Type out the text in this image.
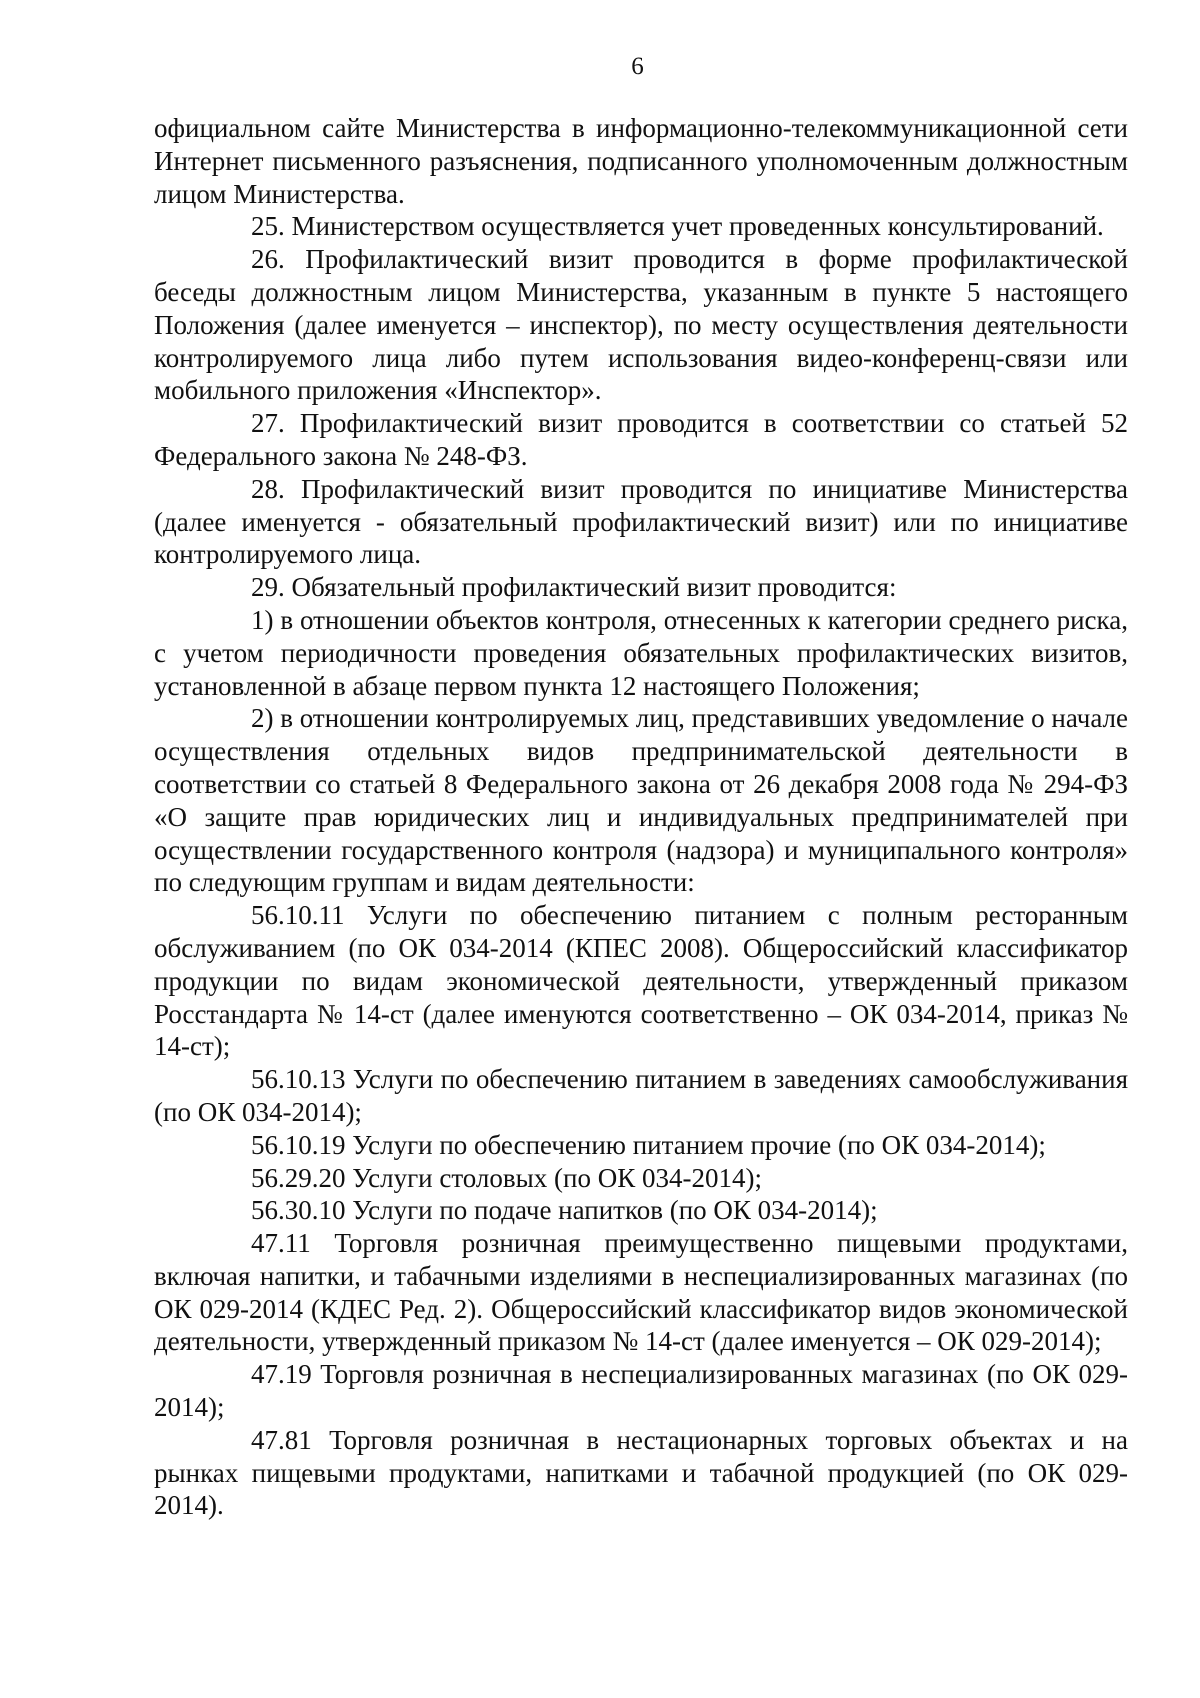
6

официальном сайте Министерства в информационно-телекоммуникационной сети Интернет письменного разъяснения, подписанного уполномоченным должностным лицом Министерства.

25. Министерством осуществляется учет проведенных консультирований.

26. Профилактический визит проводится в форме профилактической беседы должностным лицом Министерства, указанным в пункте 5 настоящего Положения (далее именуется – инспектор), по месту осуществления деятельности контролируемого лица либо путем использования видео-конференц-связи или мобильного приложения «Инспектор».

27. Профилактический визит проводится в соответствии со статьей 52 Федерального закона № 248-ФЗ.

28. Профилактический визит проводится по инициативе Министерства (далее именуется - обязательный профилактический визит) или по инициативе контролируемого лица.

29. Обязательный профилактический визит проводится:

1) в отношении объектов контроля, отнесенных к категории среднего риска, с учетом периодичности проведения обязательных профилактических визитов, установленной в абзаце первом пункта 12 настоящего Положения;

2) в отношении контролируемых лиц, представивших уведомление о начале осуществления отдельных видов предпринимательской деятельности в соответствии со статьей 8 Федерального закона от 26 декабря 2008 года № 294-ФЗ «О защите прав юридических лиц и индивидуальных предпринимателей при осуществлении государственного контроля (надзора) и муниципального контроля» по следующим группам и видам деятельности:

56.10.11 Услуги по обеспечению питанием с полным ресторанным обслуживанием (по ОК 034-2014 (КПЕС 2008). Общероссийский классификатор продукции по видам экономической деятельности, утвержденный приказом Росстандарта № 14-ст (далее именуются соответственно – ОК 034-2014, приказ № 14-ст);

56.10.13 Услуги по обеспечению питанием в заведениях самообслуживания (по ОК 034-2014);

56.10.19 Услуги по обеспечению питанием прочие (по ОК 034-2014);

56.29.20 Услуги столовых (по ОК 034-2014);

56.30.10 Услуги по подаче напитков (по ОК 034-2014);

47.11 Торговля розничная преимущественно пищевыми продуктами, включая напитки, и табачными изделиями в неспециализированных магазинах (по ОК 029-2014 (КДЕС Ред. 2). Общероссийский классификатор видов экономической деятельности, утвержденный приказом № 14-ст (далее именуется – ОК 029-2014);

47.19 Торговля розничная в неспециализированных магазинах (по ОК 029-2014);

47.81 Торговля розничная в нестационарных торговых объектах и на рынках пищевыми продуктами, напитками и табачной продукцией (по ОК 029-2014).
